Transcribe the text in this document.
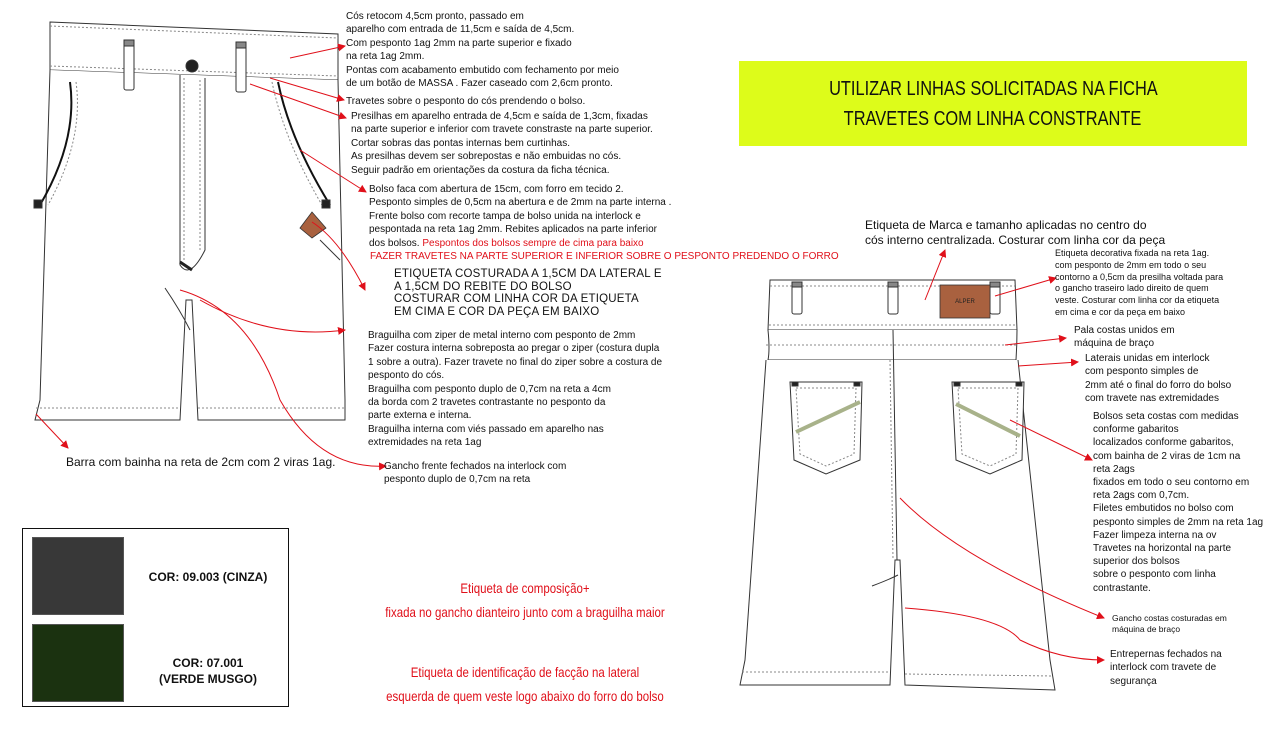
ALPER
UTILIZAR LINHAS SOLICITADAS NA FICHA
TRAVETES COM LINHA CONSTRANTE
Cós retocom 4,5cm pronto, passado em
aparelho com entrada de 11,5cm e saída de 4,5cm.
Com pesponto 1ag 2mm na parte superior e fixado
na reta 1ag 2mm.
Pontas com acabamento embutido com fechamento por meio
de um botão de MASSA . Fazer caseado com 2,6cm pronto.
Travetes sobre o pesponto do cós prendendo o bolso.
Presilhas em aparelho entrada de 4,5cm e saída de 1,3cm, fixadas
na parte superior e inferior com travete constraste na parte superior.
Cortar sobras das pontas internas bem curtinhas.
As presilhas devem ser sobrepostas e não embuidas no cós.
Seguir padrão em orientações da costura da ficha técnica.
Bolso faca com abertura de 15cm, com forro em tecido 2.
Pesponto simples de 0,5cm na abertura e de 2mm na parte interna .
Frente bolso com recorte tampa de bolso unida na interlock e
pespontada na reta 1ag 2mm. Rebites aplicados na parte inferior
dos bolsos. Pespontos dos bolsos sempre de cima para baixo
FAZER TRAVETES NA PARTE SUPERIOR E INFERIOR SOBRE O PESPONTO PREDENDO O FORRO
ETIQUETA COSTURADA A 1,5CM DA LATERAL E
A 1,5CM DO REBITE DO BOLSO
COSTURAR COM LINHA COR DA ETIQUETA
EM CIMA E COR DA PEÇA EM BAIXO
Braguilha com ziper de metal interno com pesponto de 2mm
Fazer costura interna sobreposta ao pregar o ziper (costura dupla
1 sobre a outra). Fazer travete no final do ziper sobre a costura de
pesponto do cós.
Braguilha com pesponto duplo de 0,7cm na reta a 4cm
da borda com 2 travetes contrastante no pesponto da
parte externa e interna.
Braguilha interna com viés passado em aparelho nas
extremidades na reta 1ag
Gancho frente fechados na interlock com
pesponto duplo de 0,7cm na reta
Barra com bainha na reta de 2cm com 2 viras 1ag.
Etiqueta de Marca e tamanho aplicadas no centro do
cós interno centralizada. Costurar com linha cor da peça
Etiqueta decorativa fixada na reta 1ag.
com pesponto de 2mm em todo o seu
contorno a 0,5cm da presilha voltada para
o gancho traseiro lado direito de quem
veste. Costurar com linha cor da etiqueta
em cima e cor da peça em baixo
Pala costas unidos em
máquina de braço
Laterais unidas em interlock
com pesponto simples de
2mm até o final do forro do bolso
com travete nas extremidades
Bolsos seta costas com medidas
conforme gabaritos
localizados conforme gabaritos,
com bainha de 2 viras de 1cm na
reta 2ags
fixados em todo o seu contorno em
reta 2ags com 0,7cm.
Filetes embutidos no bolso com
pesponto simples de 2mm na reta 1ag
Fazer limpeza interna na ov
Travetes na horizontal na parte
superior dos bolsos
sobre o pesponto com linha
contrastante.
Gancho costas costuradas em
máquina de braço
Entrepernas fechados na
interlock com travete de
segurança
Etiqueta de composição+
fixada no gancho dianteiro junto com a braguilha maior
Etiqueta de identificação de facção na lateral
esquerda de quem veste logo abaixo do forro do bolso
COR: 09.003 (CINZA)
COR: 07.001
(VERDE MUSGO)
